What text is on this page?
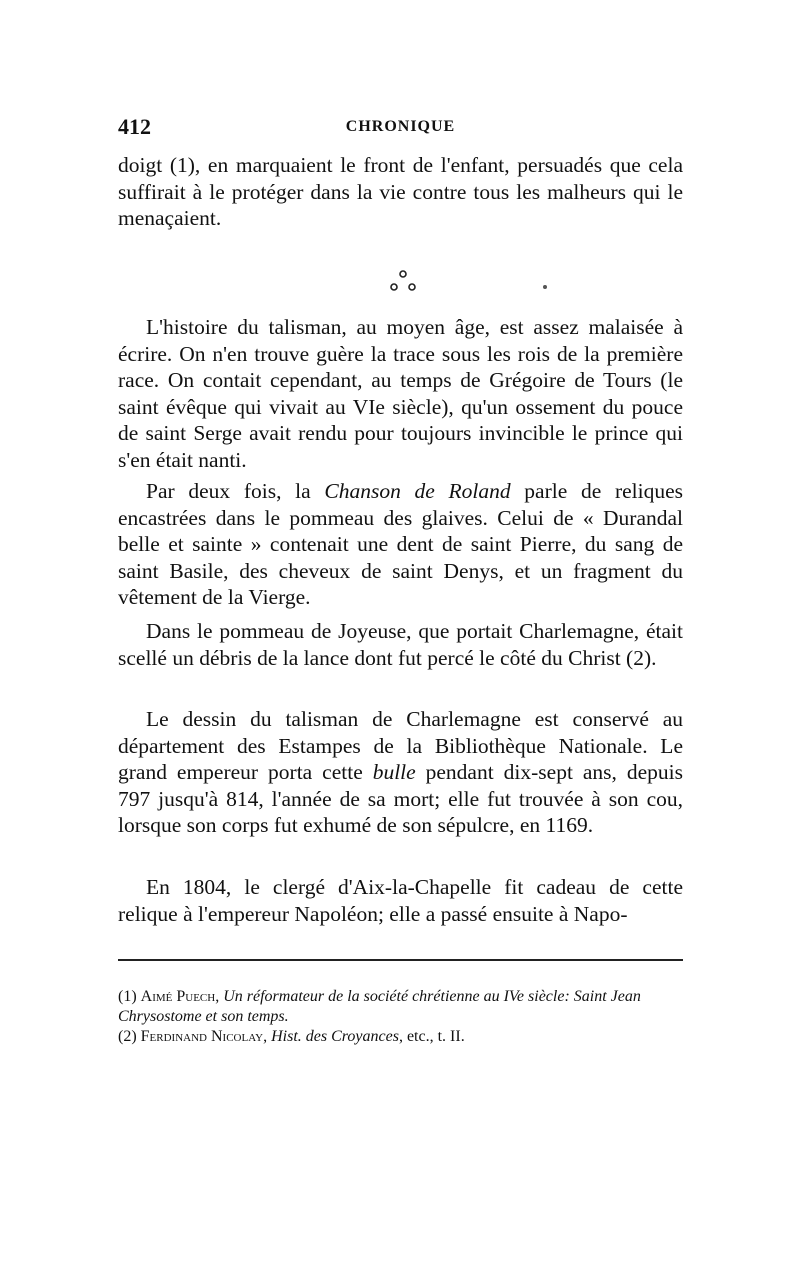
412	CHRONIQUE

doigt (1), en marquaient le front de l'enfant, persuadés que cela suffirait à le protéger dans la vie contre tous les malheurs qui le menaçaient.

L'histoire du talisman, au moyen âge, est assez malaisée à écrire. On n'en trouve guère la trace sous les rois de la première race. On contait cependant, au temps de Grégoire de Tours (le saint évêque qui vivait au VIe siècle), qu'un ossement du pouce de saint Serge avait rendu pour toujours invincible le prince qui s'en était nanti.

Par deux fois, la Chanson de Roland parle de reliques encastrées dans le pommeau des glaives. Celui de « Durandal belle et sainte » contenait une dent de saint Pierre, du sang de saint Basile, des cheveux de saint Denys, et un fragment du vêtement de la Vierge.

Dans le pommeau de Joyeuse, que portait Charlemagne, était scellé un débris de la lance dont fut percé le côté du Christ (2).

Le dessin du talisman de Charlemagne est conservé au département des Estampes de la Bibliothèque Nationale. Le grand empereur porta cette bulle pendant dix-sept ans, depuis 797 jusqu'à 814, l'année de sa mort; elle fut trouvée à son cou, lorsque son corps fut exhumé de son sépulcre, en 1169.

En 1804, le clergé d'Aix-la-Chapelle fit cadeau de cette relique à l'empereur Napoléon; elle a passé ensuite à Napo-

(1) Aimé Puech, Un réformateur de la société chrétienne au IVe siècle: Saint Jean Chrysostome et son temps.

(2) Ferdinand Nicolay, Hist. des Croyances, etc., t. II.
